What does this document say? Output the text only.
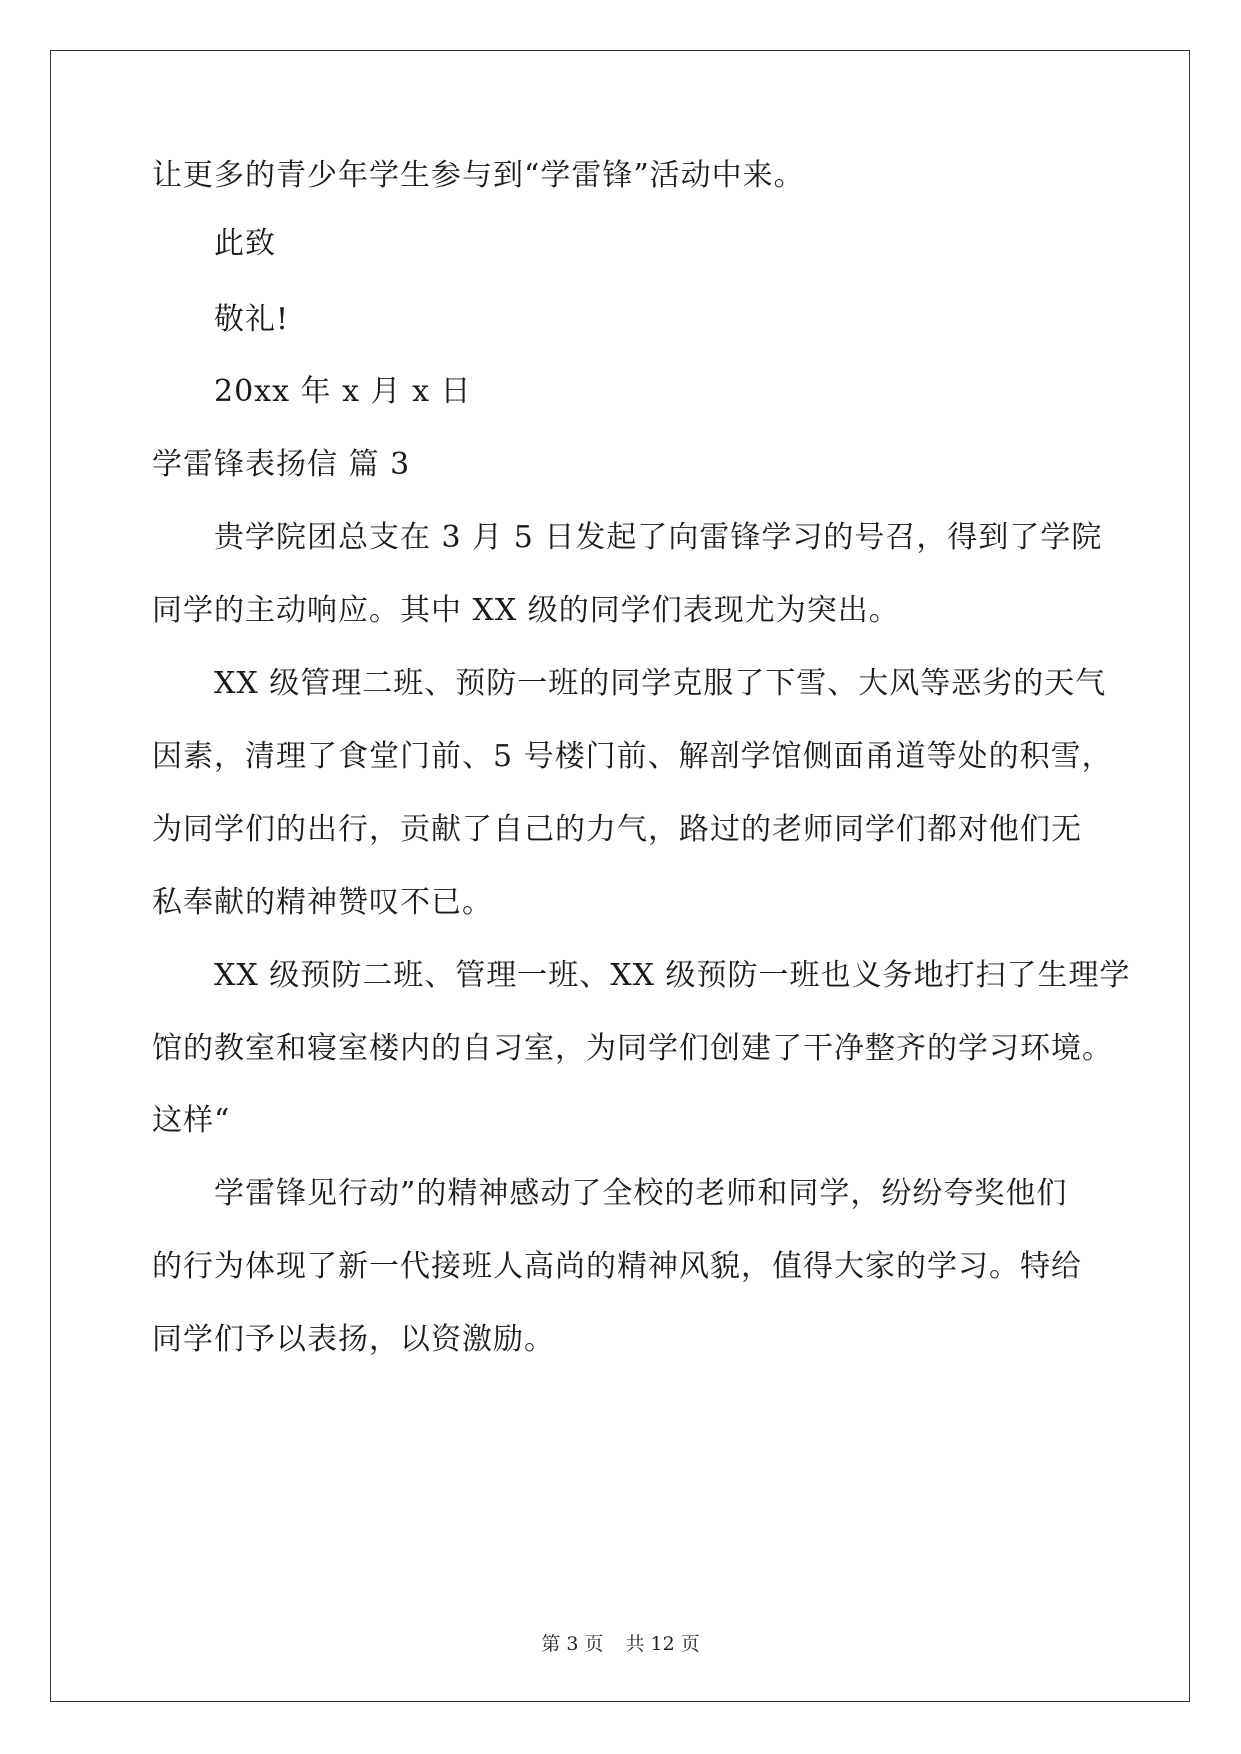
让更多的青少年学生参与到“学雷锋”活动中来。
此致
敬礼!
20xx 年 x 月 x 日
学雷锋表扬信 篇 3
贵学院团总支在 3 月 5 日发起了向雷锋学习的号召，得到了学院
同学的主动响应。其中 XX 级的同学们表现尤为突出。
XX 级管理二班、预防一班的同学克服了下雪、大风等恶劣的天气
因素，清理了食堂门前、5 号楼门前、解剖学馆侧面甬道等处的积雪，
为同学们的出行，贡献了自己的力气，路过的老师同学们都对他们无
私奉献的精神赞叹不已。
XX 级预防二班、管理一班、XX 级预防一班也义务地打扫了生理学
馆的教室和寝室楼内的自习室，为同学们创建了干净整齐的学习环境。
这样“
学雷锋见行动”的精神感动了全校的老师和同学，纷纷夸奖他们
的行为体现了新一代接班人高尚的精神风貌，值得大家的学习。特给
同学们予以表扬，以资激励。
第 3 页 共 12 页
